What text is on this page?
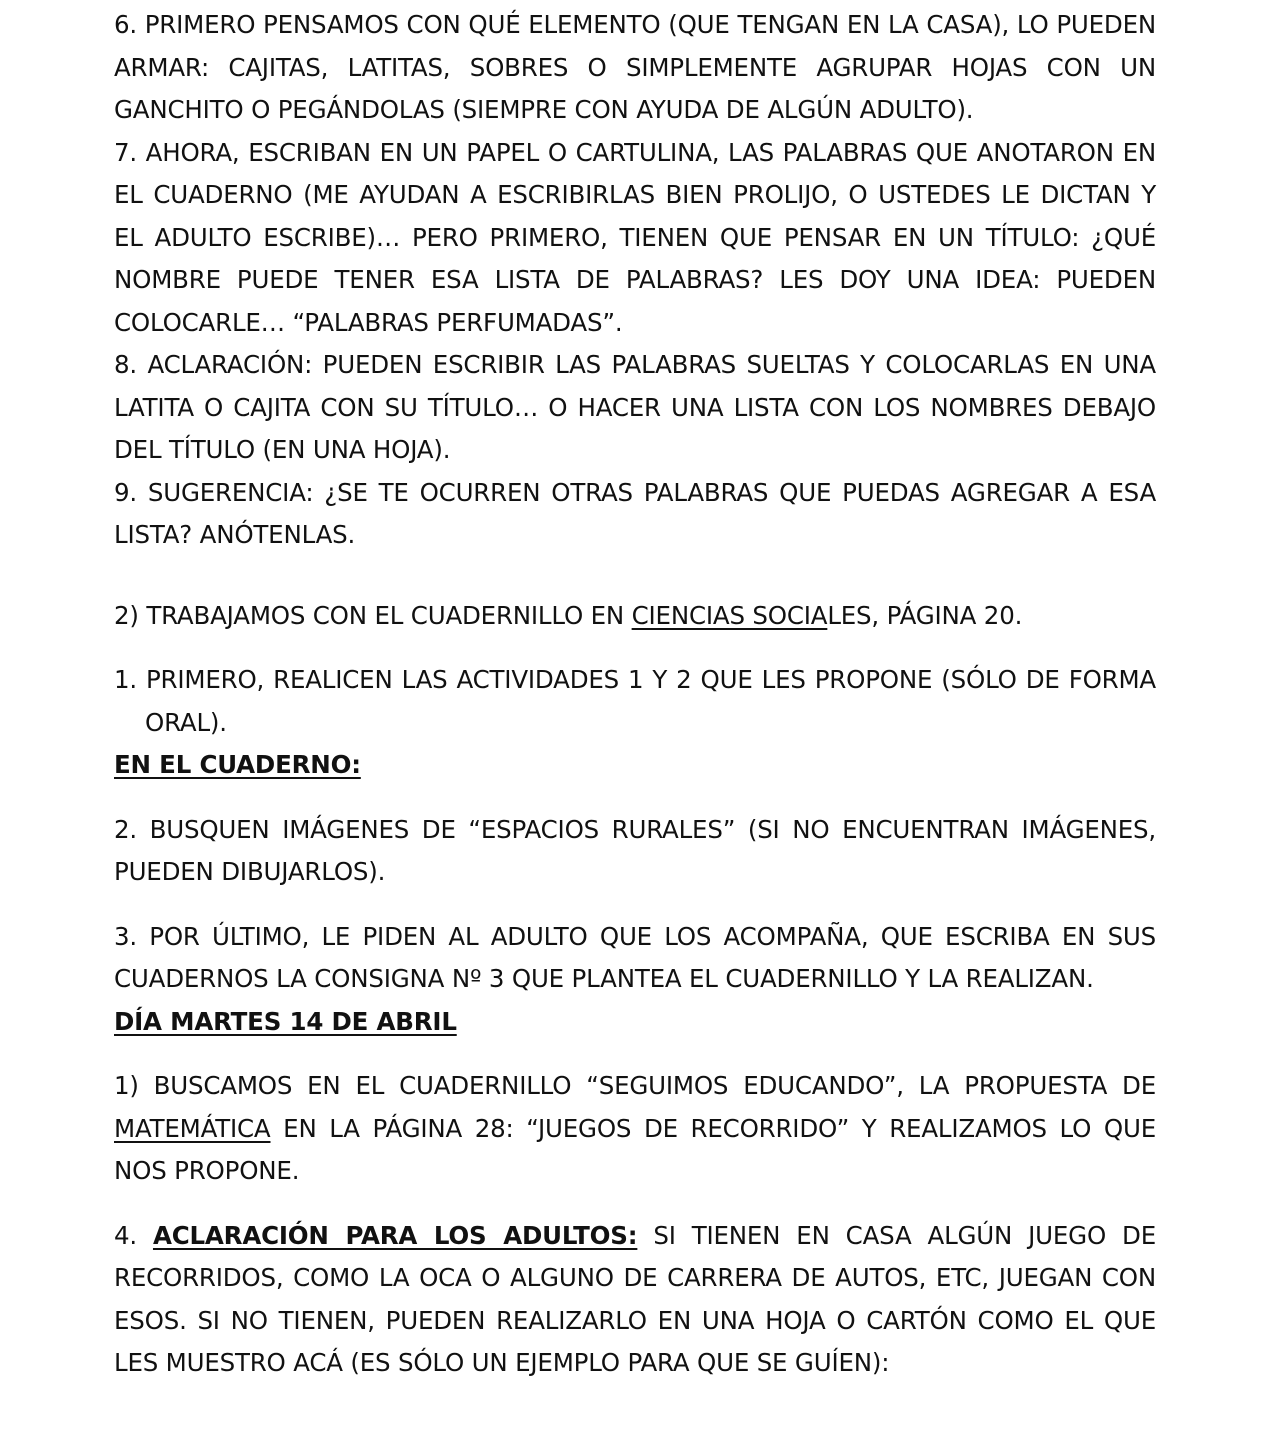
6. PRIMERO PENSAMOS CON QUÉ ELEMENTO (QUE TENGAN EN LA CASA), LO PUEDEN ARMAR: CAJITAS, LATITAS, SOBRES O SIMPLEMENTE AGRUPAR HOJAS CON UN GANCHITO O PEGÁNDOLAS (SIEMPRE CON AYUDA DE ALGÚN ADULTO).

7. AHORA, ESCRIBAN EN UN PAPEL O CARTULINA, LAS PALABRAS QUE ANOTARON EN EL CUADERNO (ME AYUDAN A ESCRIBIRLAS BIEN PROLIJO, O USTEDES LE DICTAN Y EL ADULTO ESCRIBE)… PERO PRIMERO, TIENEN QUE PENSAR EN UN TÍTULO: ¿QUÉ NOMBRE PUEDE TENER ESA LISTA DE PALABRAS? LES DOY UNA IDEA: PUEDEN COLOCARLE… “PALABRAS PERFUMADAS”.

8. ACLARACIÓN: PUEDEN ESCRIBIR LAS PALABRAS SUELTAS Y COLOCARLAS EN UNA LATITA O CAJITA CON SU TÍTULO… O HACER UNA LISTA CON LOS NOMBRES DEBAJO DEL TÍTULO (EN UNA HOJA).

9. SUGERENCIA: ¿SE TE OCURREN OTRAS PALABRAS QUE PUEDAS AGREGAR A ESA LISTA? ANÓTENLAS.

2) TRABAJAMOS CON EL CUADERNILLO EN CIENCIAS SOCIALES, PÁGINA 20.

1. PRIMERO, REALICEN LAS ACTIVIDADES 1 Y 2 QUE LES PROPONE (SÓLO DE FORMA ORAL).

EN EL CUADERNO:

2. BUSQUEN IMÁGENES DE “ESPACIOS RURALES” (SI NO ENCUENTRAN IMÁGENES, PUEDEN DIBUJARLOS).

3. POR ÚLTIMO, LE PIDEN AL ADULTO QUE LOS ACOMPAÑA, QUE ESCRIBA EN SUS CUADERNOS LA CONSIGNA Nº 3 QUE PLANTEA EL CUADERNILLO Y LA REALIZAN.

DÍA MARTES 14 DE ABRIL

1) BUSCAMOS EN EL CUADERNILLO “SEGUIMOS EDUCANDO”, LA PROPUESTA DE MATEMÁTICA EN LA PÁGINA 28: “JUEGOS DE RECORRIDO” Y REALIZAMOS LO QUE NOS PROPONE.

4. ACLARACIÓN PARA LOS ADULTOS: SI TIENEN EN CASA ALGÚN JUEGO DE RECORRIDOS, COMO LA OCA O ALGUNO DE CARRERA DE AUTOS, ETC, JUEGAN CON ESOS. SI NO TIENEN, PUEDEN REALIZARLO EN UNA HOJA O CARTÓN COMO EL QUE LES MUESTRO ACÁ (ES SÓLO UN EJEMPLO PARA QUE SE GUÍEN):
